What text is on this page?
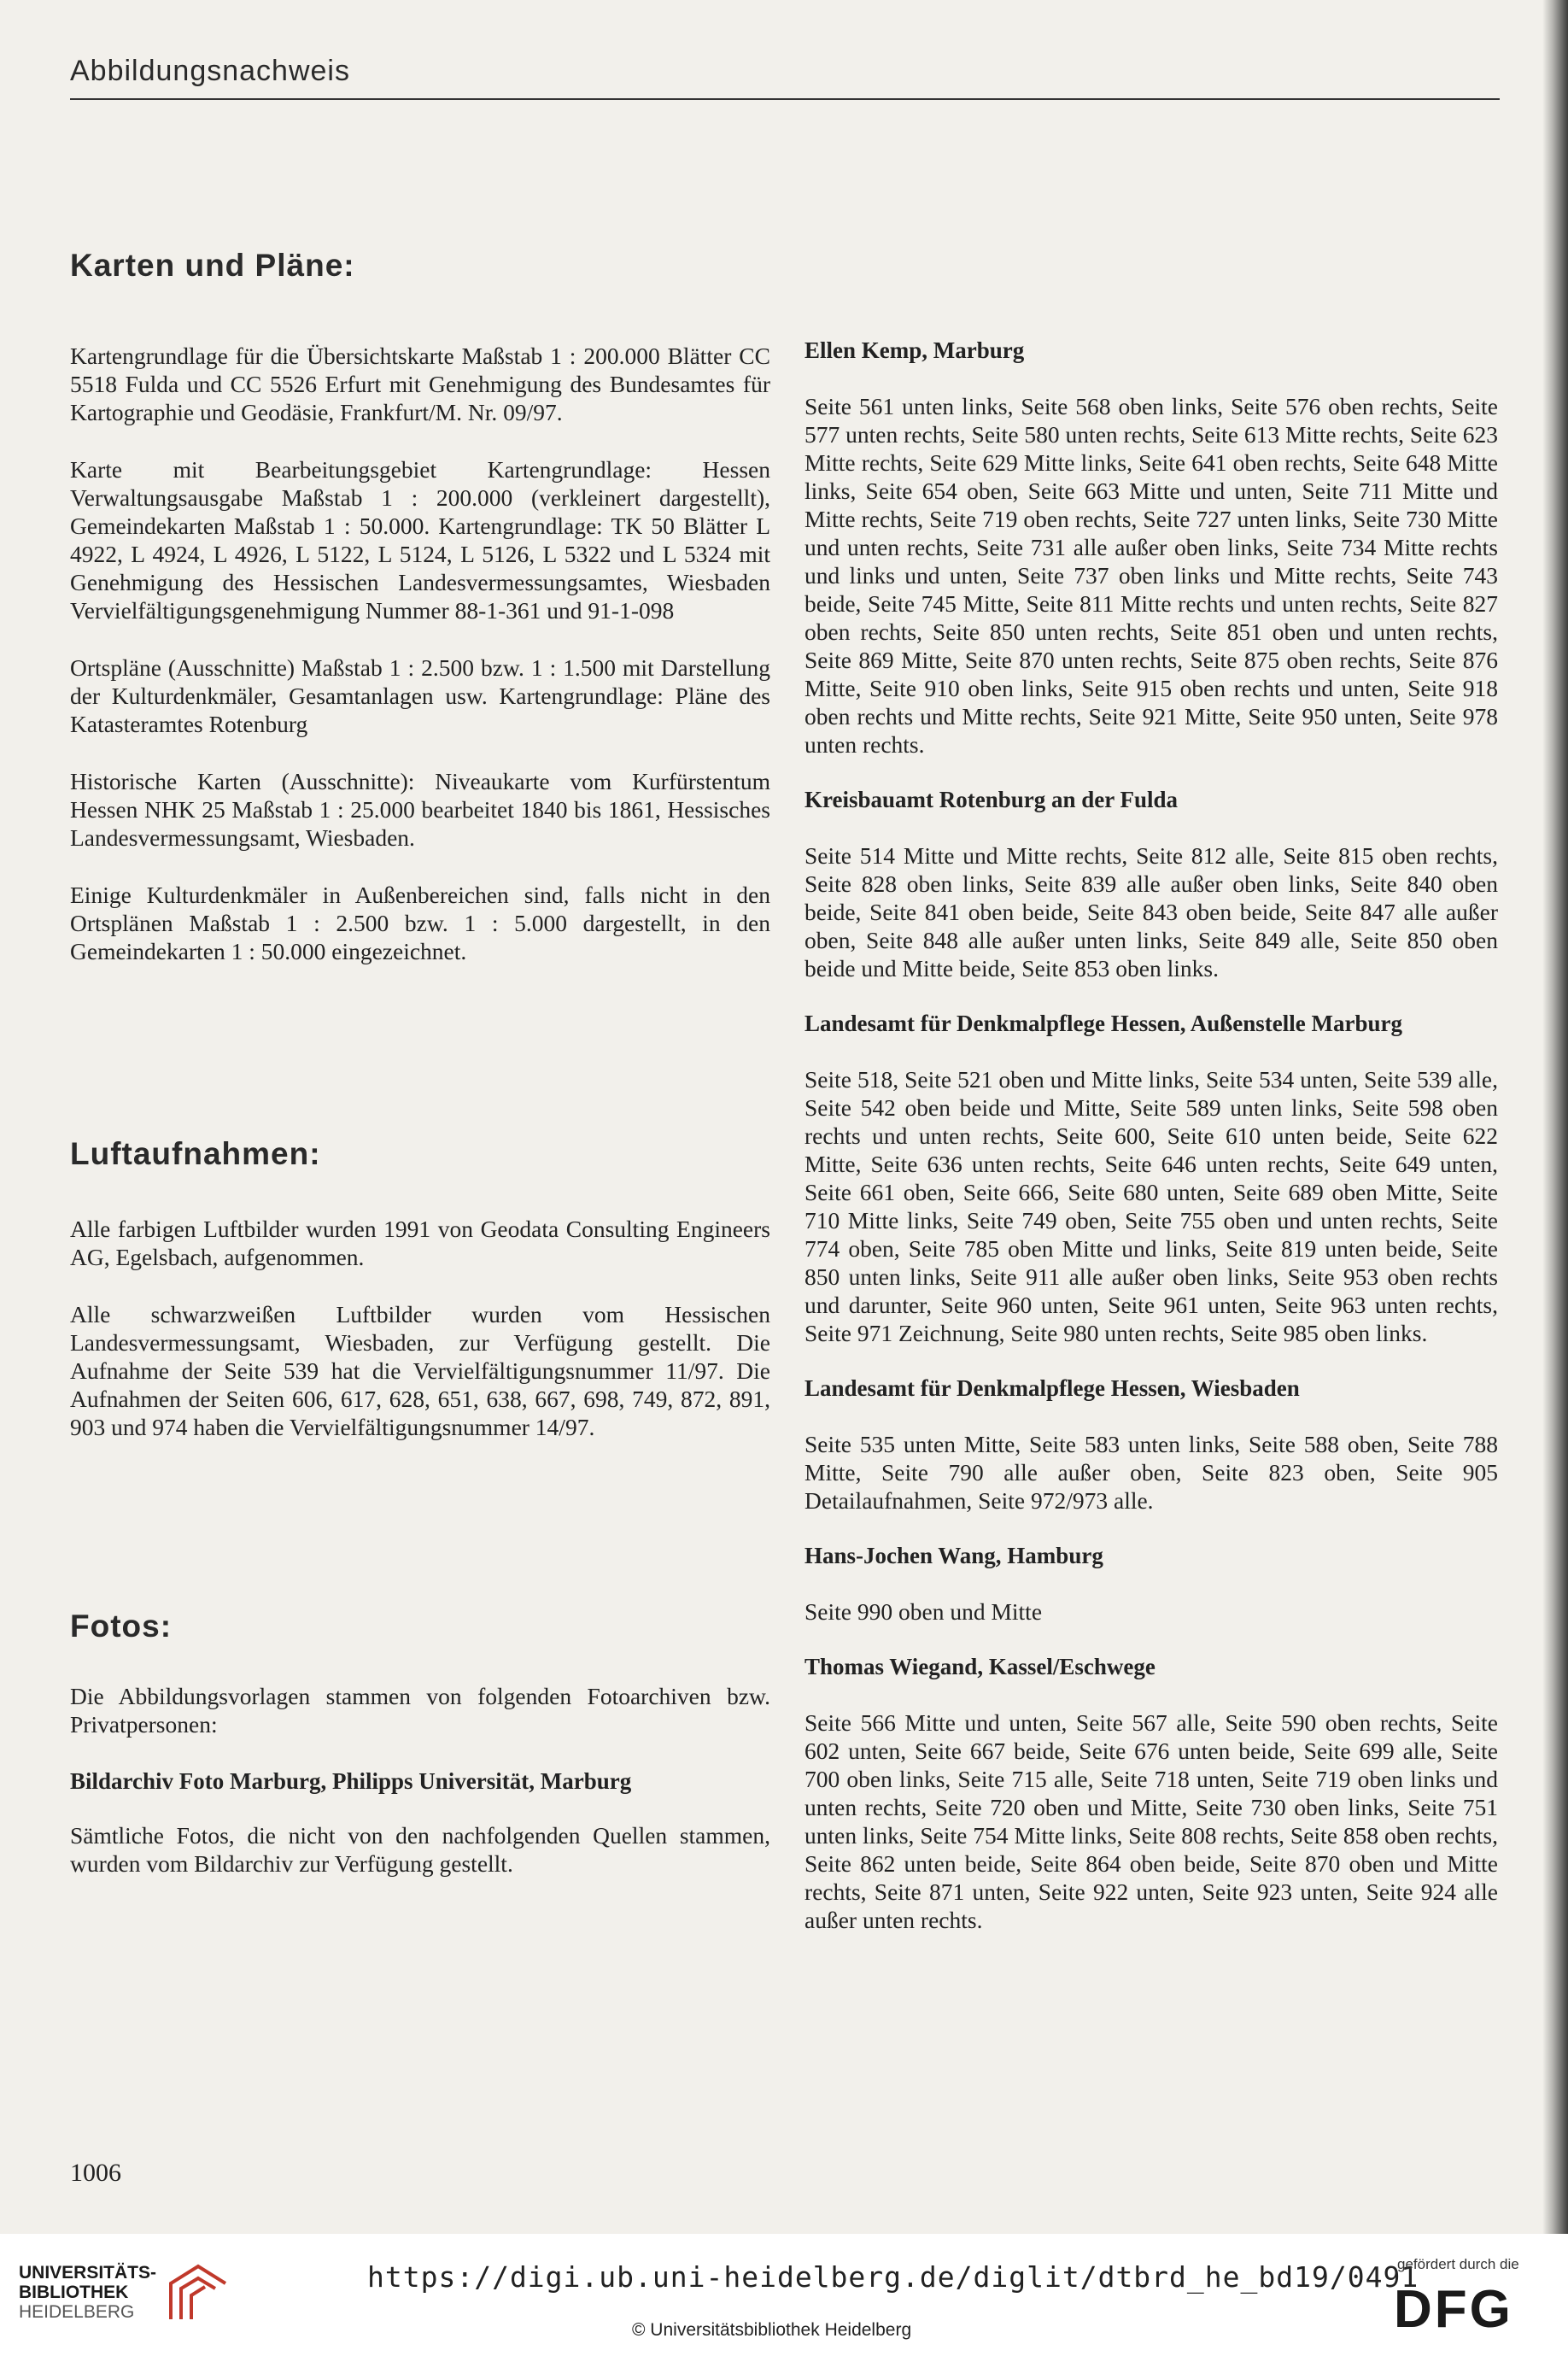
Abbildungsnachweis
Karten und Pläne:

Kartengrundlage für die Übersichtskarte Maßstab 1 : 200.000 Blätter CC 5518 Fulda und CC 5526 Erfurt mit Genehmigung des Bundesamtes für Kartographie und Geodäsie, Frankfurt/M. Nr. 09/97.

Karte mit Bearbeitungsgebiet Kartengrundlage: Hessen Verwaltungsausgabe Maßstab 1 : 200.000 (verkleinert dargestellt), Gemeindekarten Maßstab 1 : 50.000. Kartengrundlage: TK 50 Blätter L 4922, L 4924, L 4926, L 5122, L 5124, L 5126, L 5322 und L 5324 mit Genehmigung des Hessischen Landesvermessungsamtes, Wiesbaden Vervielfältigungsgenehmigung Nummer 88-1-361 und 91-1-098

Ortspläne (Ausschnitte) Maßstab 1 : 2.500 bzw. 1 : 1.500 mit Darstellung der Kulturdenkmäler, Gesamtanlagen usw. Kartengrundlage: Pläne des Katasteramtes Rotenburg

Historische Karten (Ausschnitte): Niveaukarte vom Kurfürstentum Hessen NHK 25 Maßstab 1 : 25.000 bearbeitet 1840 bis 1861, Hessisches Landesvermessungsamt, Wiesbaden.

Einige Kulturdenkmäler in Außenbereichen sind, falls nicht in den Ortsplänen Maßstab 1 : 2.500 bzw. 1 : 5.000 dargestellt, in den Gemeindekarten 1 : 50.000 eingezeichnet.

Luftaufnahmen:

Alle farbigen Luftbilder wurden 1991 von Geodata Consulting Engineers AG, Egelsbach, aufgenommen.

Alle schwarzweißen Luftbilder wurden vom Hessischen Landesvermessungsamt, Wiesbaden, zur Verfügung gestellt. Die Aufnahme der Seite 539 hat die Vervielfältigungsnummer 11/97. Die Aufnahmen der Seiten 606, 617, 628, 651, 638, 667, 698, 749, 872, 891, 903 und 974 haben die Vervielfältigungsnummer 14/97.

Fotos:

Die Abbildungsvorlagen stammen von folgenden Fotoarchiven bzw. Privatpersonen:

Bildarchiv Foto Marburg, Philipps Universität, Marburg

Sämtliche Fotos, die nicht von den nachfolgenden Quellen stammen, wurden vom Bildarchiv zur Verfügung gestellt.

Ellen Kemp, Marburg

Seite 561 unten links, Seite 568 oben links, Seite 576 oben rechts, Seite 577 unten rechts, Seite 580 unten rechts, Seite 613 Mitte rechts, Seite 623 Mitte rechts, Seite 629 Mitte links, Seite 641 oben rechts, Seite 648 Mitte links, Seite 654 oben, Seite 663 Mitte und unten, Seite 711 Mitte und Mitte rechts, Seite 719 oben rechts, Seite 727 unten links, Seite 730 Mitte und unten rechts, Seite 731 alle außer oben links, Seite 734 Mitte rechts und links und unten, Seite 737 oben links und Mitte rechts, Seite 743 beide, Seite 745 Mitte, Seite 811 Mitte rechts und unten rechts, Seite 827 oben rechts, Seite 850 unten rechts, Seite 851 oben und unten rechts, Seite 869 Mitte, Seite 870 unten rechts, Seite 875 oben rechts, Seite 876 Mitte, Seite 910 oben links, Seite 915 oben rechts und unten, Seite 918 oben rechts und Mitte rechts, Seite 921 Mitte, Seite 950 unten, Seite 978 unten rechts.

Kreisbauamt Rotenburg an der Fulda

Seite 514 Mitte und Mitte rechts, Seite 812 alle, Seite 815 oben rechts, Seite 828 oben links, Seite 839 alle außer oben links, Seite 840 oben beide, Seite 841 oben beide, Seite 843 oben beide, Seite 847 alle außer oben, Seite 848 alle außer unten links, Seite 849 alle, Seite 850 oben beide und Mitte beide, Seite 853 oben links.

Landesamt für Denkmalpflege Hessen, Außenstelle Marburg

Seite 518, Seite 521 oben und Mitte links, Seite 534 unten, Seite 539 alle, Seite 542 oben beide und Mitte, Seite 589 unten links, Seite 598 oben rechts und unten rechts, Seite 600, Seite 610 unten beide, Seite 622 Mitte, Seite 636 unten rechts, Seite 646 unten rechts, Seite 649 unten, Seite 661 oben, Seite 666, Seite 680 unten, Seite 689 oben Mitte, Seite 710 Mitte links, Seite 749 oben, Seite 755 oben und unten rechts, Seite 774 oben, Seite 785 oben Mitte und links, Seite 819 unten beide, Seite 850 unten links, Seite 911 alle außer oben links, Seite 953 oben rechts und darunter, Seite 960 unten, Seite 961 unten, Seite 963 unten rechts, Seite 971 Zeichnung, Seite 980 unten rechts, Seite 985 oben links.

Landesamt für Denkmalpflege Hessen, Wiesbaden

Seite 535 unten Mitte, Seite 583 unten links, Seite 588 oben, Seite 788 Mitte, Seite 790 alle außer oben, Seite 823 oben, Seite 905 Detailaufnahmen, Seite 972/973 alle.

Hans-Jochen Wang, Hamburg

Seite 990 oben und Mitte

Thomas Wiegand, Kassel/Eschwege

Seite 566 Mitte und unten, Seite 567 alle, Seite 590 oben rechts, Seite 602 unten, Seite 667 beide, Seite 676 unten beide, Seite 699 alle, Seite 700 oben links, Seite 715 alle, Seite 718 unten, Seite 719 oben links und unten rechts, Seite 720 oben und Mitte, Seite 730 oben links, Seite 751 unten links, Seite 754 Mitte links, Seite 808 rechts, Seite 858 oben rechts, Seite 862 unten beide, Seite 864 oben beide, Seite 870 oben und Mitte rechts, Seite 871 unten, Seite 922 unten, Seite 923 unten, Seite 924 alle außer unten rechts.

1006
UNIVERSITÄTS-
BIBLIOTHEK
HEIDELBERG
https://digi.ub.uni-heidelberg.de/diglit/dtbrd_he_bd19/0491
© Universitätsbibliothek Heidelberg
gefördert durch die
DFG
